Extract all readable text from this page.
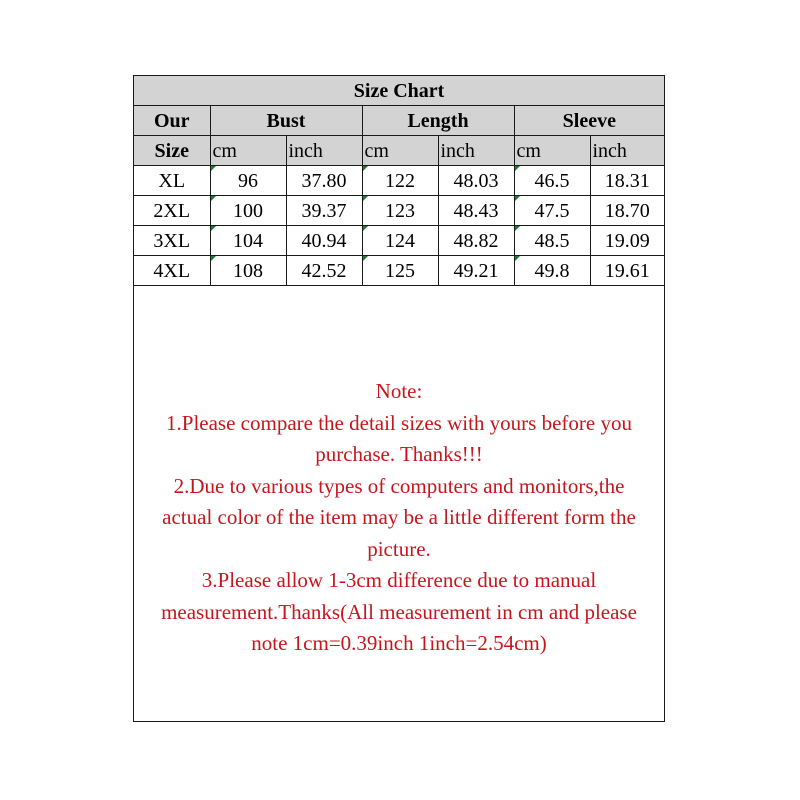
Size Chart						
Our	Bust		Length		Sleeve	
Size	cm	inch	cm	inch	cm	inch
XL	96	37.80	122	48.03	46.5	18.31
2XL	100	39.37	123	48.43	47.5	18.70
3XL	104	40.94	124	48.82	48.5	19.09
4XL	108	42.52	125	49.21	49.8	19.61

Note:

1.Please compare the detail sizes with yours before you

purchase. Thanks!!!

2.Due to various types of computers and monitors,the

actual color of the item may be a little different form the

picture.

3.Please allow 1-3cm difference due to manual

measurement.Thanks(All measurement in cm and please

note 1cm=0.39inch 1inch=2.54cm)
